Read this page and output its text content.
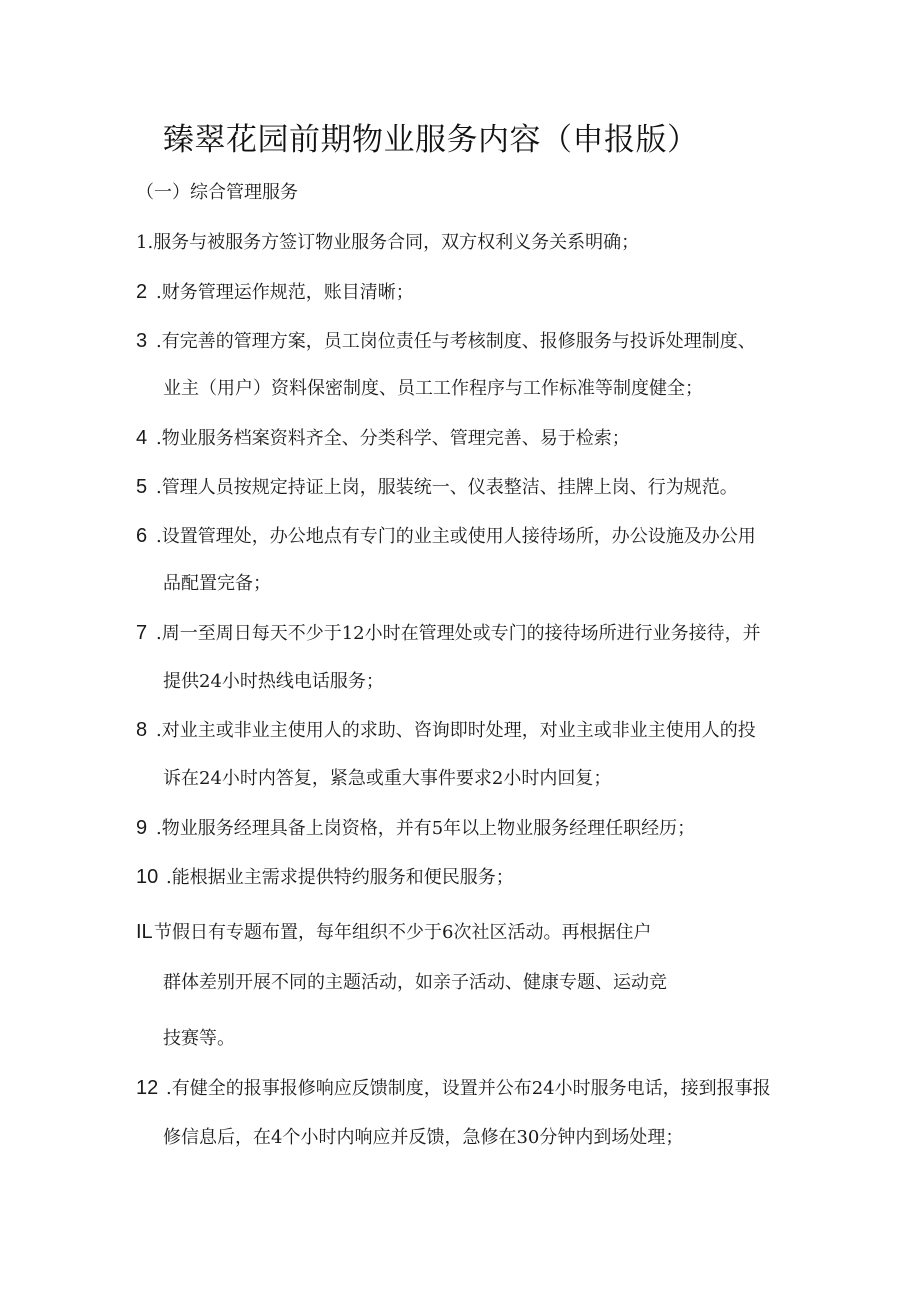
臻翠花园前期物业服务内容（申报版）
（一）综合管理服务
1.服务与被服务方签订物业服务合同，双方权利义务关系明确；
2 .财务管理运作规范，账目清晰；
3 .有完善的管理方案，员工岗位责任与考核制度、报修服务与投诉处理制度、
业主（用户）资料保密制度、员工工作程序与工作标准等制度健全；
4 .物业服务档案资料齐全、分类科学、管理完善、易于检索；
5 .管理人员按规定持证上岗，服装统一、仪表整洁、挂牌上岗、行为规范。
6 .设置管理处，办公地点有专门的业主或使用人接待场所，办公设施及办公用
品配置完备；
7 .周一至周日每天不少于12小时在管理处或专门的接待场所进行业务接待，并
提供24小时热线电话服务；
8 .对业主或非业主使用人的求助、咨询即时处理，对业主或非业主使用人的投
诉在24小时内答复，紧急或重大事件要求2小时内回复；
9 .物业服务经理具备上岗资格，并有5年以上物业服务经理任职经历；
10 .能根据业主需求提供特约服务和便民服务；
IL节假日有专题布置，每年组织不少于6次社区活动。再根据住户
群体差别开展不同的主题活动，如亲子活动、健康专题、运动竞
技赛等。
12 .有健全的报事报修响应反馈制度，设置并公布24小时服务电话，接到报事报
修信息后，在4个小时内响应并反馈，急修在30分钟内到场处理；
